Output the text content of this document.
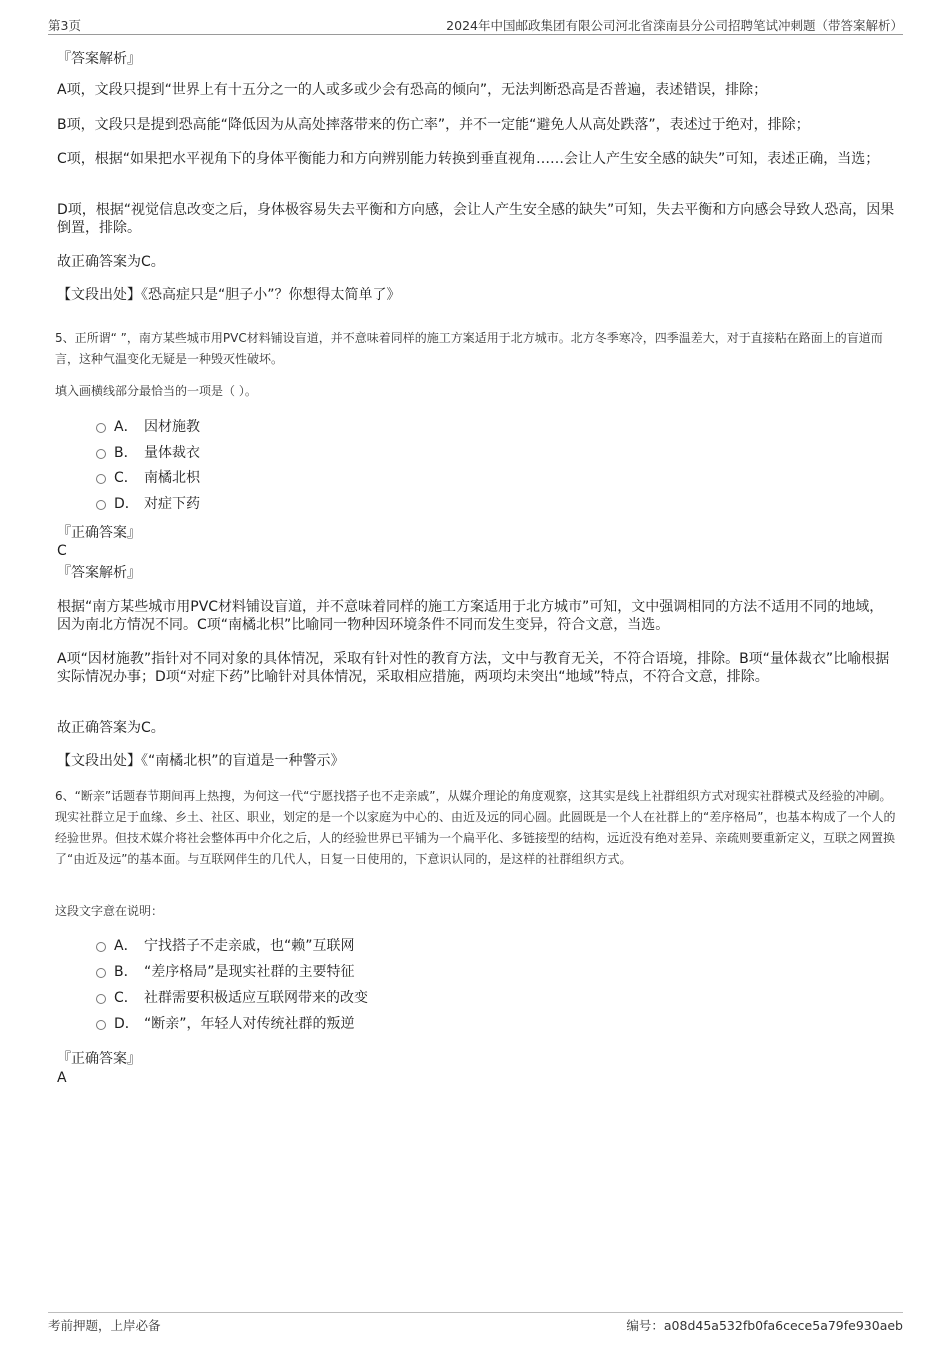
第3页	2024年中国邮政集团有限公司河北省滦南县分公司招聘笔试冲刺题（带答案解析）
『答案解析』
A项，文段只提到“世界上有十五分之一的人或多或少会有恐高的倾向”，无法判断恐高是否普遍，表述错误，排除；
B项，文段只是提到恐高能“降低因为从高处摔落带来的伤亡率”，并不一定能“避免人从高处跌落”，表述过于绝对，排除；
C项，根据“如果把水平视角下的身体平衡能力和方向辨别能力转换到垂直视角……会让人产生安全感的缺失”可知，表述正确，当选；
D项，根据“视觉信息改变之后，身体极容易失去平衡和方向感，会让人产生安全感的缺失”可知，失去平衡和方向感会导致人恐高，因果倒置，排除。
故正确答案为C。
【文段出处】《恐高症只是“胆子小”？你想得太简单了》
5、正所谓“ ”，南方某些城市用PVC材料铺设盲道，并不意味着同样的施工方案适用于北方城市。北方冬季寒冷，四季温差大，对于直接粘在路面上的盲道而言，这种气温变化无疑是一种毁灭性破坏。
填入画横线部分最恰当的一项是（ ）。
A． 因材施教
B． 量体裁衣
C． 南橘北枳
D． 对症下药
『正确答案』
C
『答案解析』
根据“南方某些城市用PVC材料铺设盲道，并不意味着同样的施工方案适用于北方城市”可知，文中强调相同的方法不适用不同的地域，因为南北方情况不同。C项“南橘北枳”比喻同一物种因环境条件不同而发生变异，符合文意，当选。
A项“因材施教”指针对不同对象的具体情况，采取有针对性的教育方法，文中与教育无关，不符合语境，排除。B项“量体裁衣”比喻根据实际情况办事；D项“对症下药”比喻针对具体情况，采取相应措施，两项均未突出“地域”特点，不符合文意，排除。
故正确答案为C。
【文段出处】《“南橘北枳”的盲道是一种警示》
6、“断亲”话题春节期间再上热搜，为何这一代“宁愿找搭子也不走亲戚”，从媒介理论的角度观察，这其实是线上社群组织方式对现实社群模式及经验的冲刷。现实社群立足于血缘、乡土、社区、职业，划定的是一个以家庭为中心的、由近及远的同心圆。此圆既是一个人在社群上的“差序格局”，也基本构成了一个人的经验世界。但技术媒介将社会整体再中介化之后，人的经验世界已平铺为一个扁平化、多链接型的结构，远近没有绝对差异、亲疏则要重新定义，互联之网置换了“由近及远”的基本面。与互联网伴生的几代人，日复一日使用的，下意识认同的，是这样的社群组织方式。
这段文字意在说明：
A． 宁找搭子不走亲戚，也“赖”互联网
B． “差序格局”是现实社群的主要特征
C． 社群需要积极适应互联网带来的改变
D． “断亲”，年轻人对传统社群的叛逆
『正确答案』
A
考前押题，上岸必备	编号：a08d45a532fb0fa6cece5a79fe930aeb
